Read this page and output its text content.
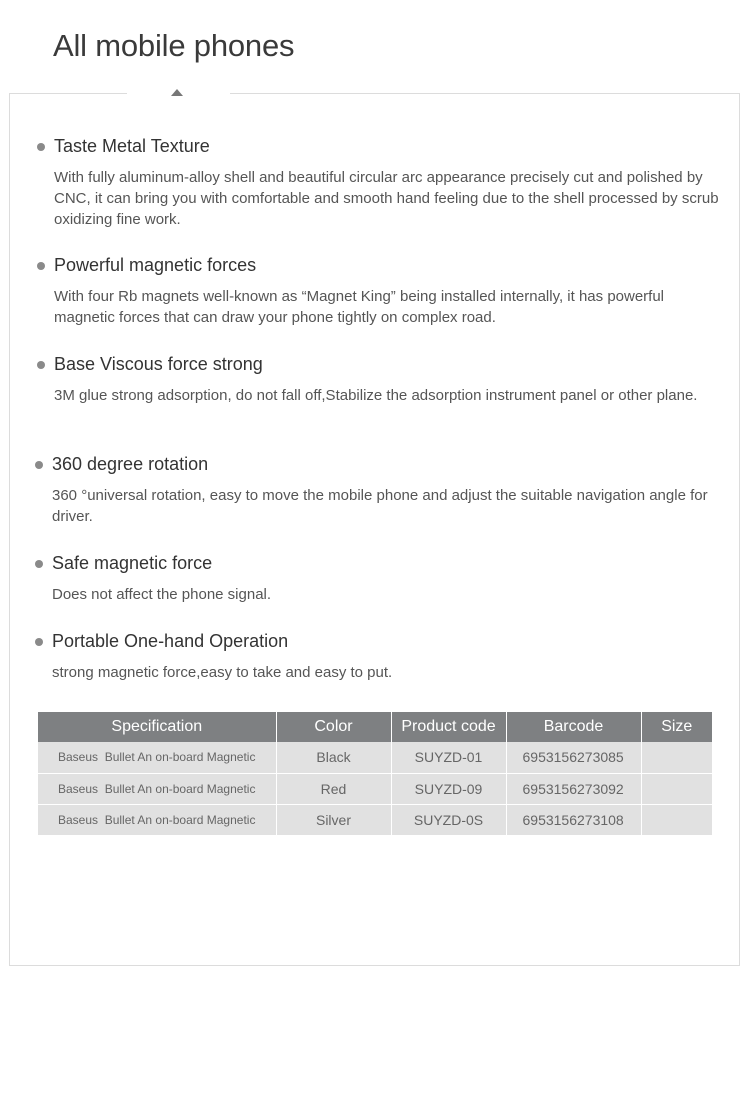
All mobile phones
Taste Metal Texture

With fully aluminum-alloy shell and beautiful circular arc appearance precisely cut and polished by CNC, it can bring you with comfortable and smooth hand feeling due to the shell processed by scrub oxidizing fine work.

Powerful magnetic forces

With four Rb magnets well-known as “Magnet King” being installed internally, it has powerful magnetic forces that can draw your phone tightly on complex road.

Base Viscous force strong

3M glue strong adsorption, do not fall off,Stabilize the adsorption instrument panel or other plane.

360 degree rotation

360 °universal rotation, easy to move the mobile phone and adjust the suitable navigation angle for driver.

Safe magnetic force

Does not affect the phone signal.

Portable One-hand Operation

strong magnetic force,easy to take and easy to put.

Specification	Color	Product code	Barcode	Size
Baseus  Bullet An on-board Magnetic	Black	SUYZD-01	6953156273085	
Baseus  Bullet An on-board Magnetic	Red	SUYZD-09	6953156273092	
Baseus  Bullet An on-board Magnetic	Silver	SUYZD-0S	6953156273108	
